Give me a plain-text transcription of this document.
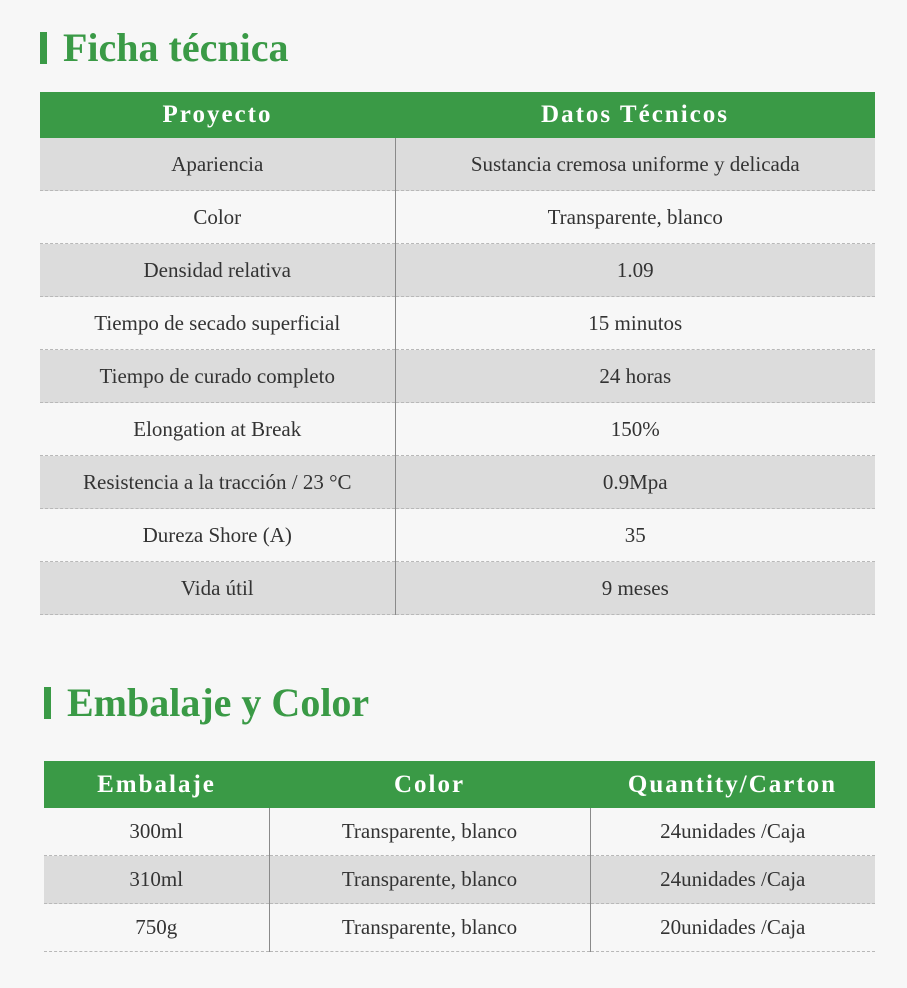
Ficha técnica
Proyecto	Datos Técnicos
Apariencia	Sustancia cremosa uniforme y delicada
Color	Transparente, blanco
Densidad relativa	1.09
Tiempo de secado superficial	15 minutos
Tiempo de curado completo	24 horas
Elongation at Break	150%
Resistencia a la tracción / 23 °C	0.9Mpa
Dureza Shore (A)	35
Vida útil	9 meses
Embalaje y Color
Embalaje	Color	Quantity/Carton
300ml	Transparente, blanco	24unidades /Caja
310ml	Transparente, blanco	24unidades /Caja
750g	Transparente, blanco	20unidades /Caja
